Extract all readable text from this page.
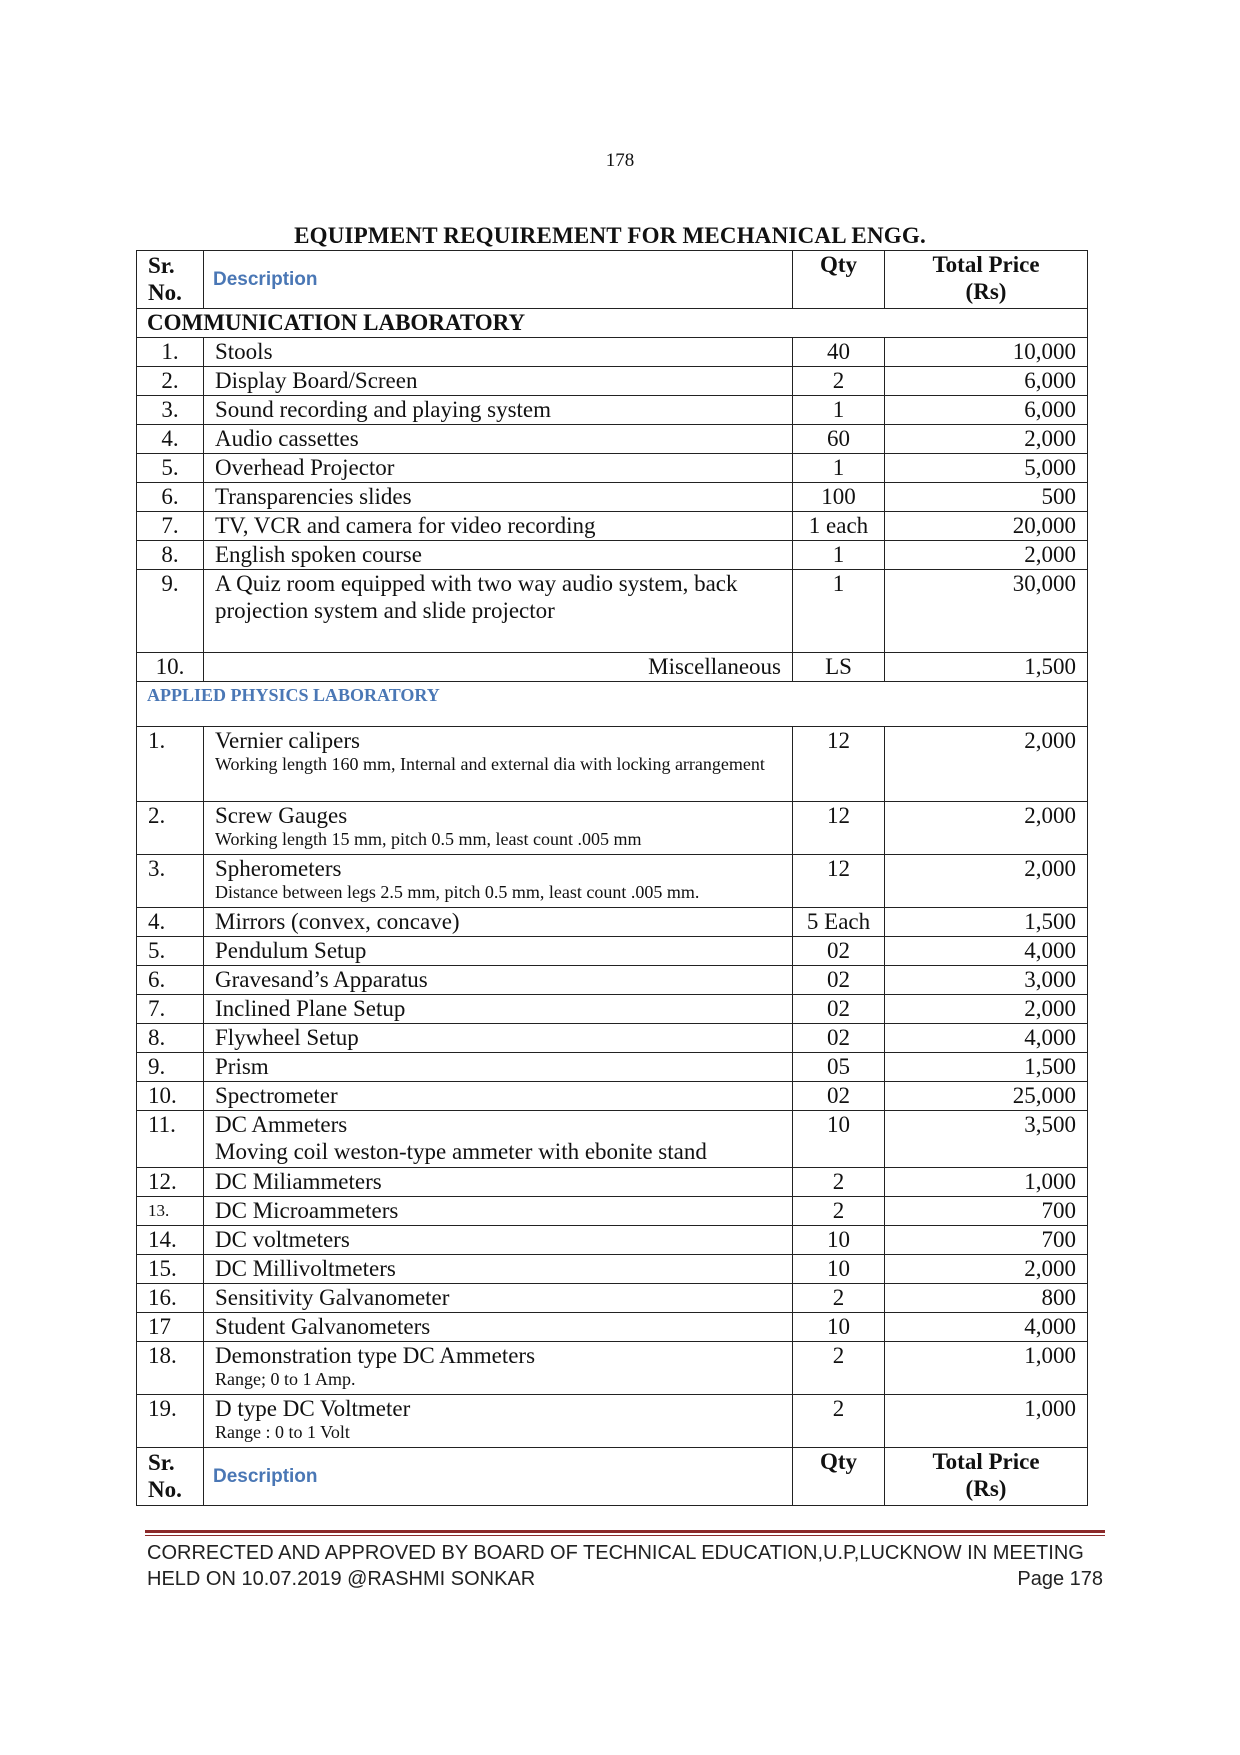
178
EQUIPMENT REQUIREMENT FOR MECHANICAL ENGG.
Sr.
No.	Description	Qty	Total Price
(Rs)
COMMUNICATION LABORATORY			
1.	Stools	40	10,000
2.	Display Board/Screen	2	6,000
3.	Sound recording and playing system	1	6,000
4.	Audio cassettes	60	2,000
5.	Overhead Projector	1	5,000
6.	Transparencies slides	100	500
7.	TV, VCR and camera for video recording	1 each	20,000
8.	English spoken course	1	2,000
9.	A Quiz room equipped with two way audio system, back projection system and slide projector	1	30,000
10.	Miscellaneous	LS	1,500
APPLIED PHYSICS LABORATORY			
1.	Vernier calipers
Working length 160 mm, Internal and external dia with locking arrangement	12	2,000
2.	Screw Gauges
Working length 15 mm, pitch 0.5 mm, least count .005 mm	12	2,000
3.	Spherometers
Distance between legs 2.5 mm, pitch 0.5 mm, least count .005 mm.	12	2,000
4.	Mirrors (convex, concave)	5 Each	1,500
5.	Pendulum Setup	02	4,000
6.	Gravesand’s Apparatus	02	3,000
7.	Inclined Plane Setup	02	2,000
8.	Flywheel Setup	02	4,000
9.	Prism	05	1,500
10.	Spectrometer	02	25,000
11.	DC Ammeters
Moving coil weston-type ammeter with ebonite stand	10	3,500
12.	DC Miliammeters	2	1,000
13.	DC Microammeters	2	700
14.	DC voltmeters	10	700
15.	DC Millivoltmeters	10	2,000
16.	Sensitivity Galvanometer	2	800
17	Student Galvanometers	10	4,000
18.	Demonstration type DC Ammeters
Range; 0 to 1 Amp.	2	1,000
19.	D type DC Voltmeter
Range : 0 to 1 Volt	2	1,000
Sr.
No.	Description	Qty	Total Price
(Rs)
CORRECTED AND APPROVED BY BOARD OF TECHNICAL EDUCATION,U.P,LUCKNOW IN MEETING
HELD ON 10.07.2019 @RASHMI SONKAR	Page 178
